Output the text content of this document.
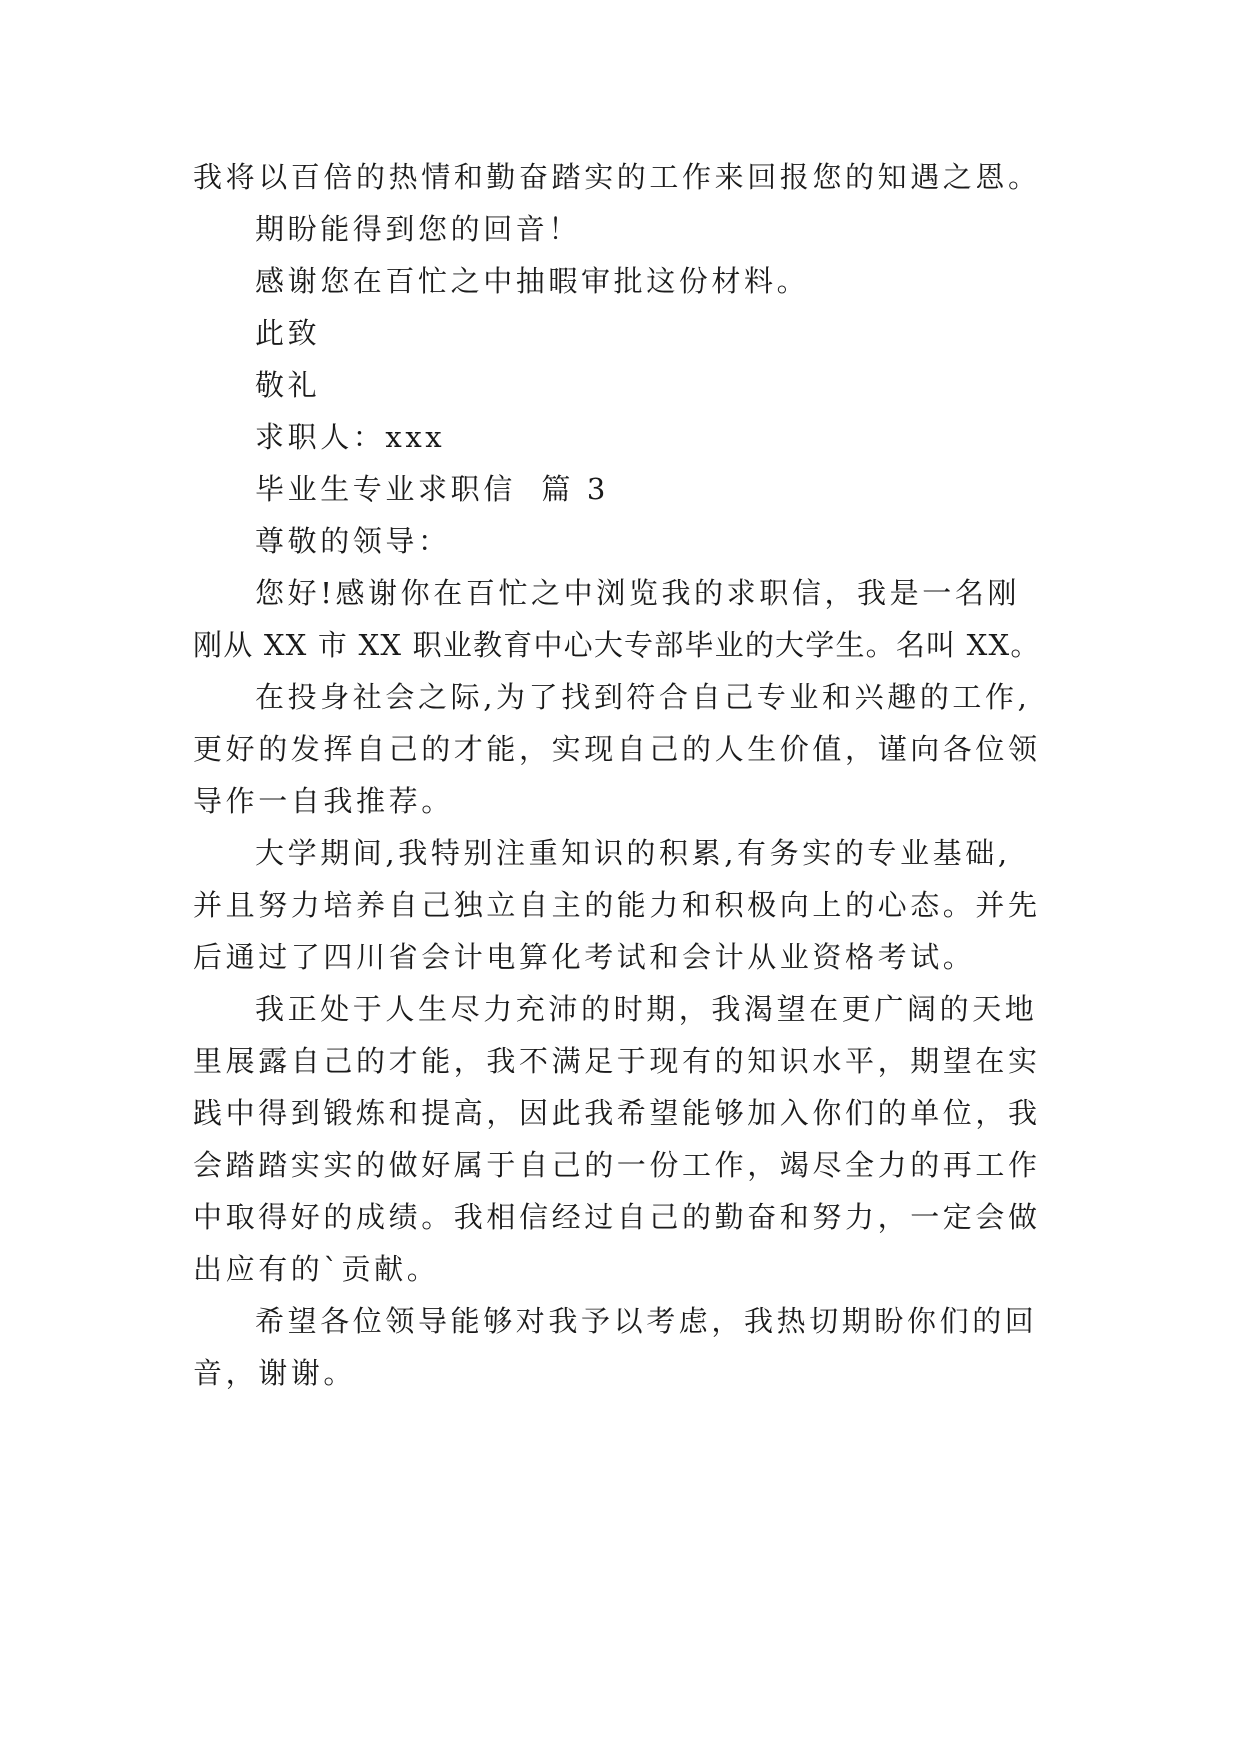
我将以百倍的热情和勤奋踏实的工作来回报您的知遇之恩。
期盼能得到您的回音！
感谢您在百忙之中抽暇审批这份材料。
此致
敬礼
求职人：xxx
毕业生专业求职信  篇 3
尊敬的领导：
您好!感谢你在百忙之中浏览我的求职信，我是一名刚
刚从 XX 市 XX 职业教育中心大专部毕业的大学生。名叫 XX。
在投身社会之际,为了找到符合自己专业和兴趣的工作,
更好的发挥自己的才能，实现自己的人生价值，谨向各位领
导作一自我推荐。
大学期间,我特别注重知识的积累,有务实的专业基础,
并且努力培养自己独立自主的能力和积极向上的心态。并先
后通过了四川省会计电算化考试和会计从业资格考试。
我正处于人生尽力充沛的时期，我渴望在更广阔的天地
里展露自己的才能，我不满足于现有的知识水平，期望在实
践中得到锻炼和提高，因此我希望能够加入你们的单位，我
会踏踏实实的做好属于自己的一份工作，竭尽全力的再工作
中取得好的成绩。我相信经过自己的勤奋和努力，一定会做
出应有的`贡献。
希望各位领导能够对我予以考虑，我热切期盼你们的回
音，谢谢。
